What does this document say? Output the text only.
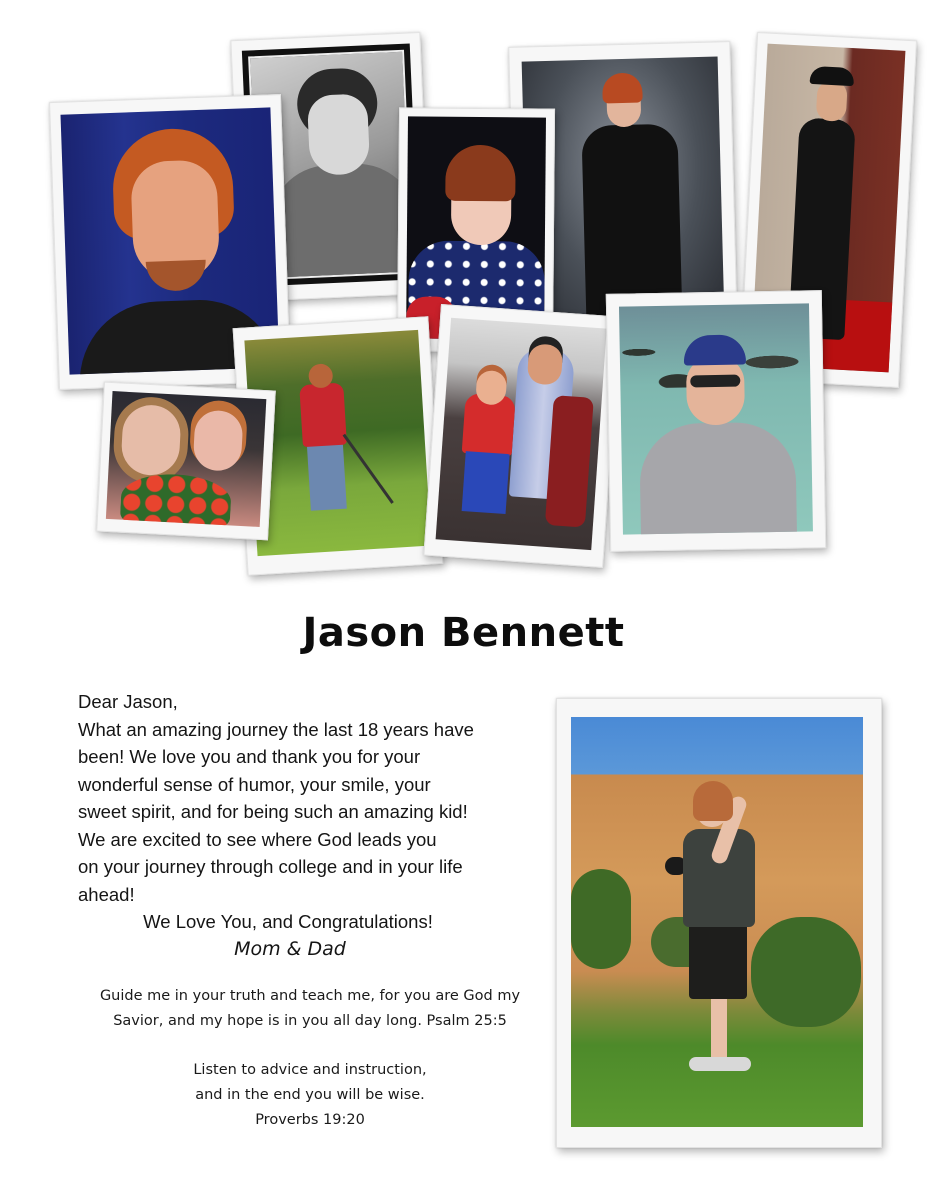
Jason Bennett

Dear Jason,

What an amazing journey the last 18 years have

been! We love you and thank you for your

wonderful sense of humor, your smile, your

sweet spirit, and for being such an amazing kid!

We are excited to see where God leads you

on your journey through college and in your life

ahead!

We Love You, and Congratulations!

Mom & Dad

Guide me in your truth and teach me, for you are God my

Savior, and my hope is in you all day long. Psalm 25:5

Listen to advice and instruction,

and in the end you will be wise.

Proverbs 19:20
